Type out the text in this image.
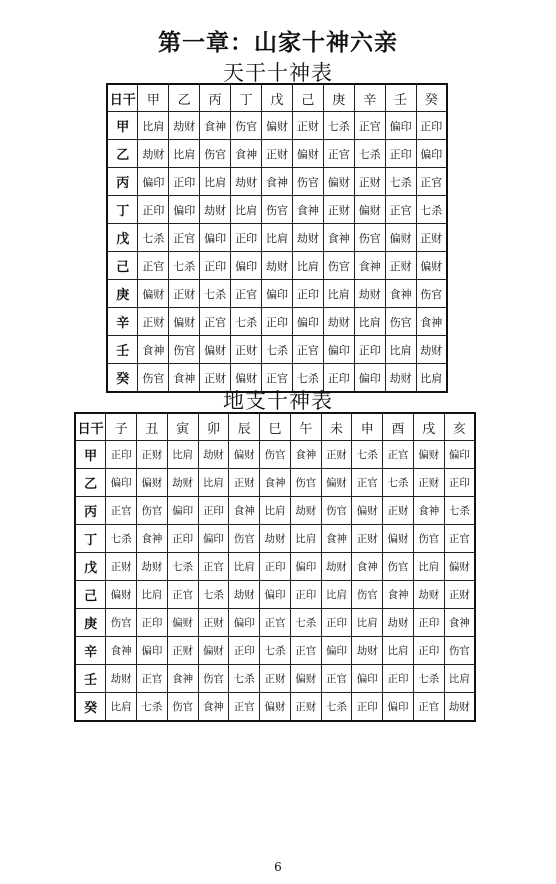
第一章：山家十神六亲
天干十神表
日干	甲	乙	丙	丁	戊	己	庚	辛	壬	癸
甲	比肩	劫财	食神	伤官	偏财	正财	七杀	正官	偏印	正印
乙	劫财	比肩	伤官	食神	正财	偏财	正官	七杀	正印	偏印
丙	偏印	正印	比肩	劫财	食神	伤官	偏财	正财	七杀	正官
丁	正印	偏印	劫财	比肩	伤官	食神	正财	偏财	正官	七杀
戊	七杀	正官	偏印	正印	比肩	劫财	食神	伤官	偏财	正财
己	正官	七杀	正印	偏印	劫财	比肩	伤官	食神	正财	偏财
庚	偏财	正财	七杀	正官	偏印	正印	比肩	劫财	食神	伤官
辛	正财	偏财	正官	七杀	正印	偏印	劫财	比肩	伤官	食神
壬	食神	伤官	偏财	正财	七杀	正官	偏印	正印	比肩	劫财
癸	伤官	食神	正财	偏财	正官	七杀	正印	偏印	劫财	比肩
地支十神表
日干	子	丑	寅	卯	辰	巳	午	未	申	酉	戌	亥
甲	正印	正财	比肩	劫财	偏财	伤官	食神	正财	七杀	正官	偏财	偏印
乙	偏印	偏财	劫财	比肩	正财	食神	伤官	偏财	正官	七杀	正财	正印
丙	正官	伤官	偏印	正印	食神	比肩	劫财	伤官	偏财	正财	食神	七杀
丁	七杀	食神	正印	偏印	伤官	劫财	比肩	食神	正财	偏财	伤官	正官
戊	正财	劫财	七杀	正官	比肩	正印	偏印	劫财	食神	伤官	比肩	偏财
己	偏财	比肩	正官	七杀	劫财	偏印	正印	比肩	伤官	食神	劫财	正财
庚	伤官	正印	偏财	正财	偏印	正官	七杀	正印	比肩	劫财	正印	食神
辛	食神	偏印	正财	偏财	正印	七杀	正官	偏印	劫财	比肩	正印	伤官
壬	劫财	正官	食神	伤官	七杀	正财	偏财	正官	偏印	正印	七杀	比肩
癸	比肩	七杀	伤官	食神	正官	偏财	正财	七杀	正印	偏印	正官	劫财
6
